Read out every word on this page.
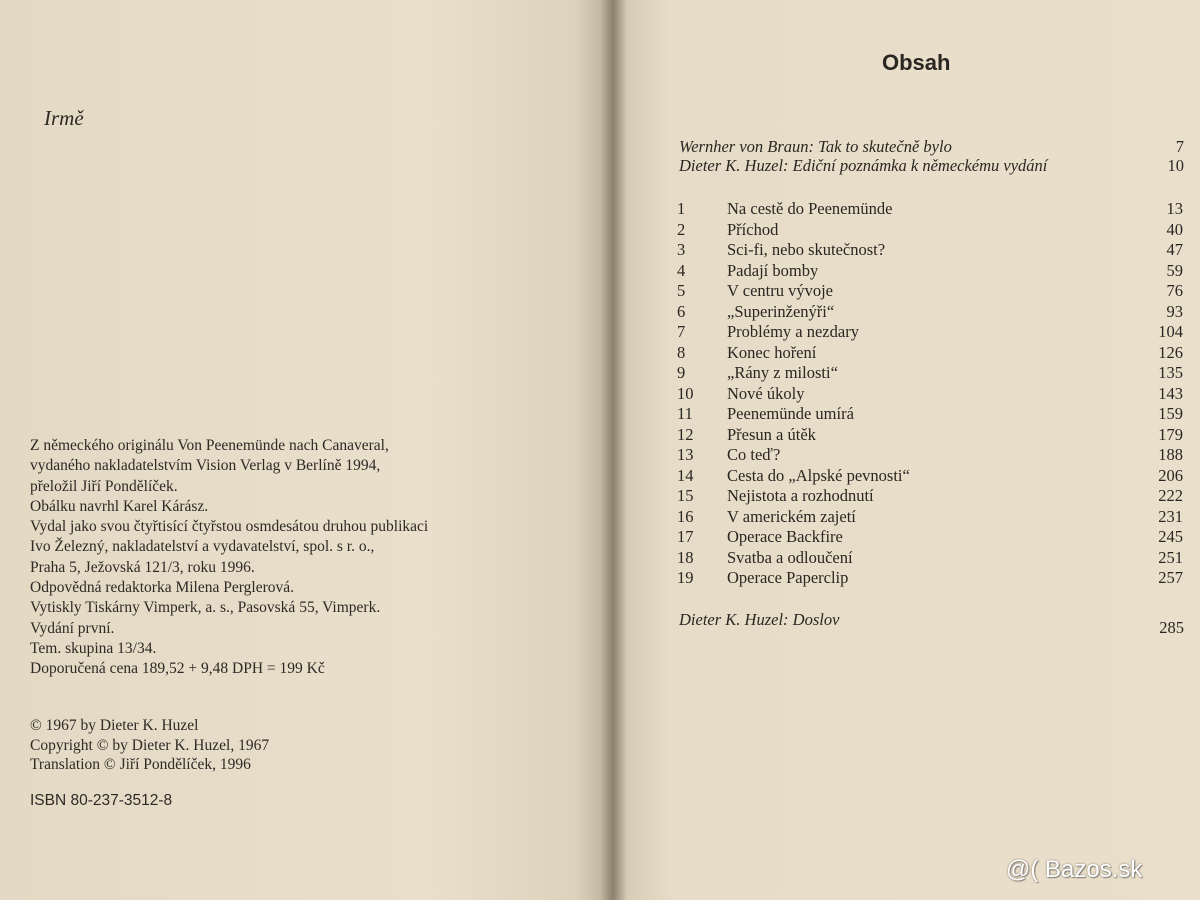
Irmě
Z německého originálu Von Peenemünde nach Canaveral,
vydaného nakladatelstvím Vision Verlag v Berlíně 1994,
přeložil Jiří Pondělíček.
Obálku navrhl Karel Kárász.
Vydal jako svou čtyřtisící čtyřstou osmdesátou druhou publikaci
Ivo Železný, nakladatelství a vydavatelství, spol. s r. o.,
Praha 5, Ježovská 121/3, roku 1996.
Odpovědná redaktorka Milena Perglerová.
Vytiskly Tiskárny Vimperk, a. s., Pasovská 55, Vimperk.
Vydání první.
Tem. skupina 13/34.
Doporučená cena 189,52 + 9,48 DPH = 199 Kč
© 1967 by Dieter K. Huzel
Copyright © by Dieter K. Huzel, 1967
Translation © Jiří Pondělíček, 1996
ISBN 80-237-3512-8
Obsah
Wernher von Braun: Tak to skutečně bylo	7
Dieter K. Huzel: Ediční poznámka k německému vydání	10
1	Na cestě do Peenemünde	13
2	Příchod	40
3	Sci-fi, nebo skutečnost?	47
4	Padají bomby	59
5	V centru vývoje	76
6	„Superinženýři“	93
7	Problémy a nezdary	104
8	Konec hoření	126
9	„Rány z milosti“	135
10 Nové úkoly	143
11 Peenemünde umírá	159
12 Přesun a útěk	179
13 Co teď?	188
14 Cesta do „Alpské pevnosti“	206
15 Nejistota a rozhodnutí	222
16 V americkém zajetí	231
17 Operace Backfire	245
18 Svatba a odloučení	251
19 Operace Paperclip	257
Dieter K. Huzel: Doslov	285
@( Bazos.sk
